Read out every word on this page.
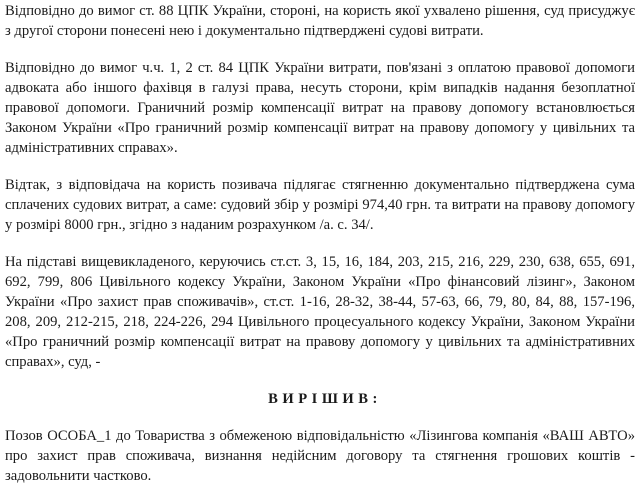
Відповідно до вимог ст. 88 ЦПК України, стороні, на користь якої ухвалено рішення, суд присуджує з другої сторони понесені нею і документально підтверджені судові витрати.

Відповідно до вимог ч.ч. 1, 2 ст. 84 ЦПК України витрати, пов'язані з оплатою правової допомоги адвоката або іншого фахівця в галузі права, несуть сторони, крім випадків надання безоплатної правової допомоги. Граничний розмір компенсації витрат на правову допомогу встановлюється Законом України «Про граничний розмір компенсації витрат на правову допомогу у цивільних та адміністративних справах».

Відтак, з відповідача на користь позивача підлягає стягненню документально підтверджена сума сплачених судових витрат, а саме: судовий збір у розмірі 974,40 грн. та витрати на правову допомогу у розмірі 8000 грн., згідно з наданим розрахунком /а. с. 34/.

На підставі вищевикладеного, керуючись ст.ст. 3, 15, 16, 184, 203, 215, 216, 229, 230, 638, 655, 691, 692, 799, 806 Цивільного кодексу України, Законом України «Про фінансовий лізинг», Законом України «Про захист прав споживачів», ст.ст. 1-16, 28-32, 38-44, 57-63, 66, 79, 80, 84, 88, 157-196, 208, 209, 212-215, 218, 224-226, 294 Цивільного процесуального кодексу України, Законом України «Про граничний розмір компенсації витрат на правову допомогу у цивільних та адміністративних справах», суд, -

ВИРІШИВ:

Позов ОСОБА_1 до Товариства з обмеженою відповідальністю «Лізингова компанія «ВАШ АВТО» про захист прав споживача, визнання недійсним договору та стягнення грошових коштів - задовольнити частково.
